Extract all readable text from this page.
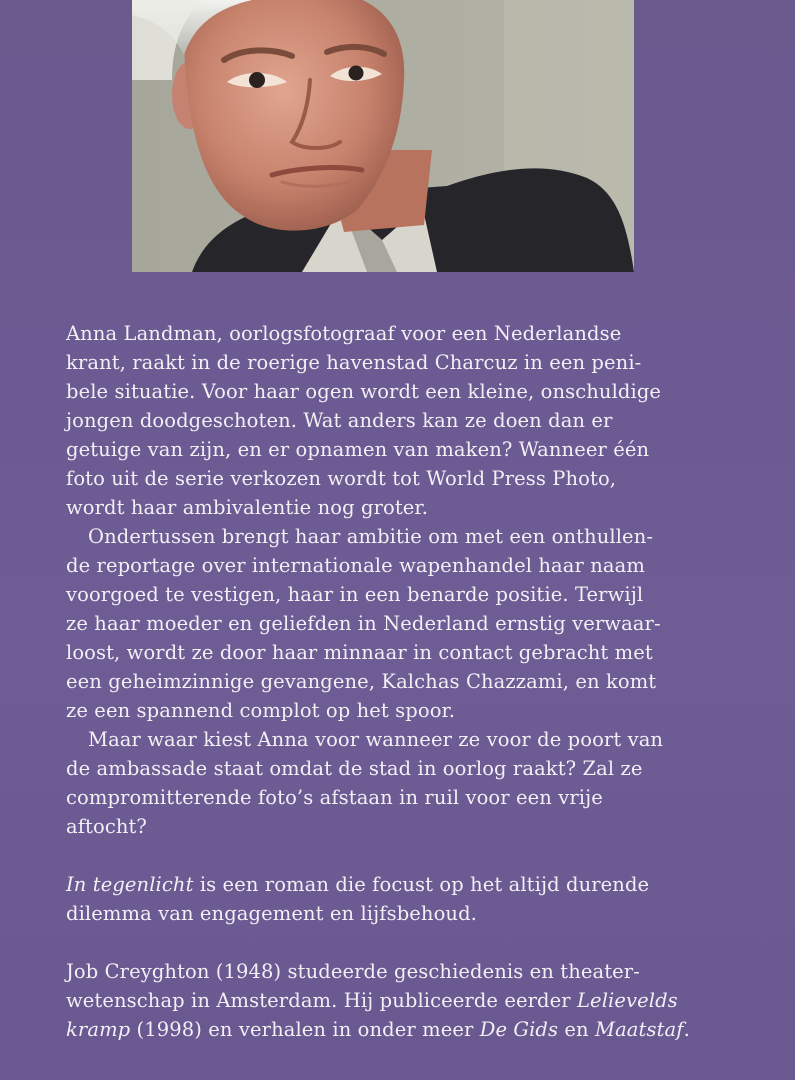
Anna Landman, oorlogsfotograaf voor een Nederlandse
krant, raakt in de roerige havenstad Charcuz in een peni-
bele situatie. Voor haar ogen wordt een kleine, onschuldige
jongen doodgeschoten. Wat anders kan ze doen dan er
getuige van zijn, en er opnamen van maken? Wanneer één
foto uit de serie verkozen wordt tot World Press Photo,
wordt haar ambivalentie nog groter.

Ondertussen brengt haar ambitie om met een onthullen-
de reportage over internationale wapenhandel haar naam
voorgoed te vestigen, haar in een benarde positie. Terwijl
ze haar moeder en geliefden in Nederland ernstig verwaar-
loost, wordt ze door haar minnaar in contact gebracht met
een geheimzinnige gevangene, Kalchas Chazzami, en komt
ze een spannend complot op het spoor.

Maar waar kiest Anna voor wanneer ze voor de poort van
de ambassade staat omdat de stad in oorlog raakt? Zal ze
compromitterende foto’s afstaan in ruil voor een vrije
aftocht?

In tegenlicht is een roman die focust op het altijd durende
dilemma van engagement en lijfsbehoud.

Job Creyghton (1948) studeerde geschiedenis en theater-
wetenschap in Amsterdam. Hij publiceerde eerder Lelievelds
kramp (1998) en verhalen in onder meer De Gids en Maatstaf.
